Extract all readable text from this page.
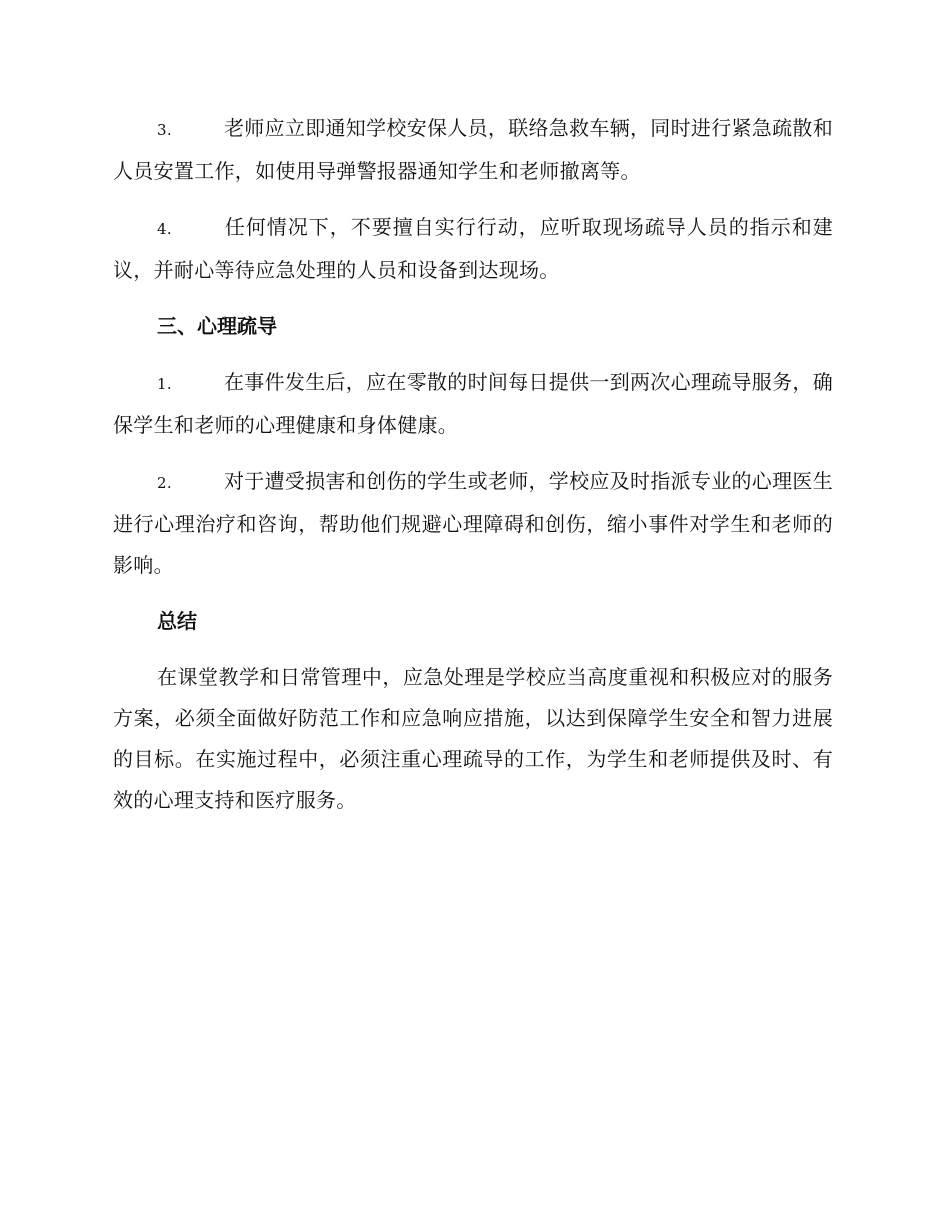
3.	老师应立即通知学校安保人员，联络急救车辆，同时进行紧急疏散和人员安置工作，如使用导弹警报器通知学生和老师撤离等。

4.	任何情况下，不要擅自实行行动，应听取现场疏导人员的指示和建议，并耐心等待应急处理的人员和设备到达现场。

三、心理疏导

1.	在事件发生后，应在零散的时间每日提供一到两次心理疏导服务，确保学生和老师的心理健康和身体健康。

2.	对于遭受损害和创伤的学生或老师，学校应及时指派专业的心理医生进行心理治疗和咨询，帮助他们规避心理障碍和创伤，缩小事件对学生和老师的影响。

总结

在课堂教学和日常管理中，应急处理是学校应当高度重视和积极应对的服务方案，必须全面做好防范工作和应急响应措施，以达到保障学生安全和智力进展的目标。在实施过程中，必须注重心理疏导的工作，为学生和老师提供及时、有效的心理支持和医疗服务。
